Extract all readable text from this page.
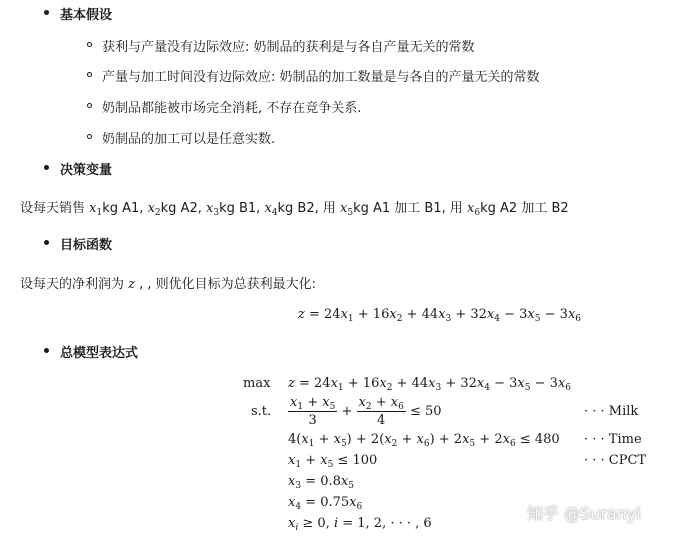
基本假设
获利与产量没有边际效应: 奶制品的获利是与各自产量无关的常数
产量与加工时间没有边际效应: 奶制品的加工数量是与各自的产量无关的常数
奶制品都能被市场完全消耗, 不存在竞争关系.
奶制品的加工可以是任意实数.
决策变量
设每天销售 $x_1kg$ A1, $x_2kg$ A2, $x_3kg$ B1, $x_4kg$ B2, 用 $x_5kg$ A1 加工 B1, 用 $x_6kg$ A2 加工 B2
目标函数
设每天的净利润为 z , , 则优化目标为总获利最大化:
$z = 24x_1 + 16x_2 + 44x_3 + 32x_4 - 3x_5 - 3x_6$
总模型表达式
$\max z = 24x_1 + 16x_2 + 44x_3 + 32x_4 - 3x_5 - 3x_6$
s.t. $\frac{x_1 + x_5}{3} + \frac{x_2 + x_6}{4} \le 50$	· · · Milk
$4(x_1 + x_5) + 2(x_2 + x_6) + 2x_5 + 2x_6 \le 480$ · · · Time
$x_1 + x_5 \le 100$	· · · CPCT
$x_3 = 0.8x_5$
$x_4 = 0.75x_6$
$x_i \ge 0$, i = 1, 2, · · · , 6
知乎 @Suranyi
